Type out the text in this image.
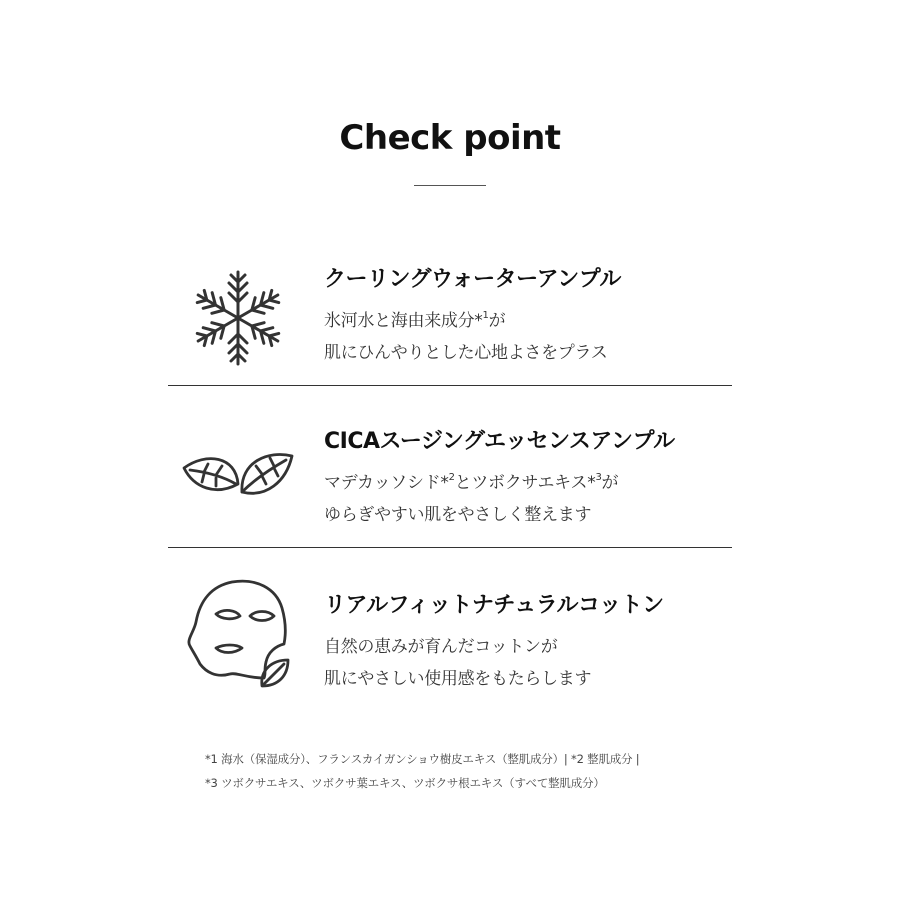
Check point
クーリングウォーターアンプル
氷河水と海由来成分*$^1$が
肌にひんやりとした心地よさをプラス
CICAスージングエッセンスアンプル
マデカッソシド*$^2$とツボクサエキス*$^3$が
ゆらぎやすい肌をやさしく整えます
リアルフィットナチュラルコットン
自然の恵みが育んだコットンが
肌にやさしい使用感をもたらします
*1 海水（保湿成分）、フランスカイガンショウ樹皮エキス（整肌成分）| *2 整肌成分 |
*3 ツボクサエキス、ツボクサ葉エキス、ツボクサ根エキス（すべて整肌成分）
